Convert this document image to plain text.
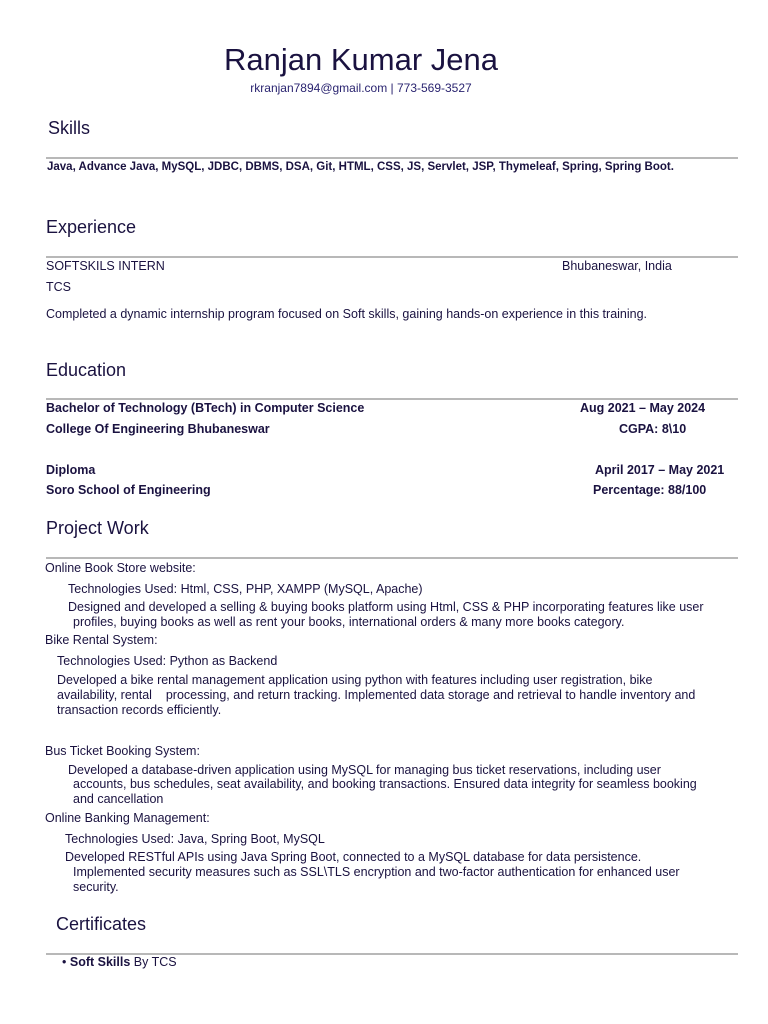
Ranjan Kumar Jena
rkranjan7894@gmail.com | 773-569-3527
Skills
Java, Advance Java, MySQL, JDBC, DBMS, DSA, Git, HTML, CSS, JS, Servlet, JSP, Thymeleaf, Spring, Spring Boot.
Experience
SOFTSKILS INTERN	Bhubaneswar, India
TCS
Completed a dynamic internship program focused on Soft skills, gaining hands-on experience in this training.
Education
Bachelor of Technology (BTech) in Computer Science	Aug 2021 – May 2024
College Of Engineering Bhubaneswar	CGPA: 8\10
Diploma	April 2017 – May 2021
Soro School of Engineering	Percentage: 88/100
Project Work
Online Book Store website:
Technologies Used: Html, CSS, PHP, XAMPP (MySQL, Apache)
Designed and developed a selling & buying books platform using Html, CSS & PHP incorporating features like user
profiles, buying books as well as rent your books, international orders & many more books category.
Bike Rental System:
Technologies Used: Python as Backend
Developed a bike rental management application using python with features including user registration, bike
availability, rental    processing, and return tracking. Implemented data storage and retrieval to handle inventory and
transaction records efficiently.
Bus Ticket Booking System:
Developed a database-driven application using MySQL for managing bus ticket reservations, including user
accounts, bus schedules, seat availability, and booking transactions. Ensured data integrity for seamless booking
and cancellation
Online Banking Management:
Technologies Used: Java, Spring Boot, MySQL
Developed RESTful APIs using Java Spring Boot, connected to a MySQL database for data persistence.
Implemented security measures such as SSL\TLS encryption and two-factor authentication for enhanced user
security.
Certificates
• Soft Skills By TCS
